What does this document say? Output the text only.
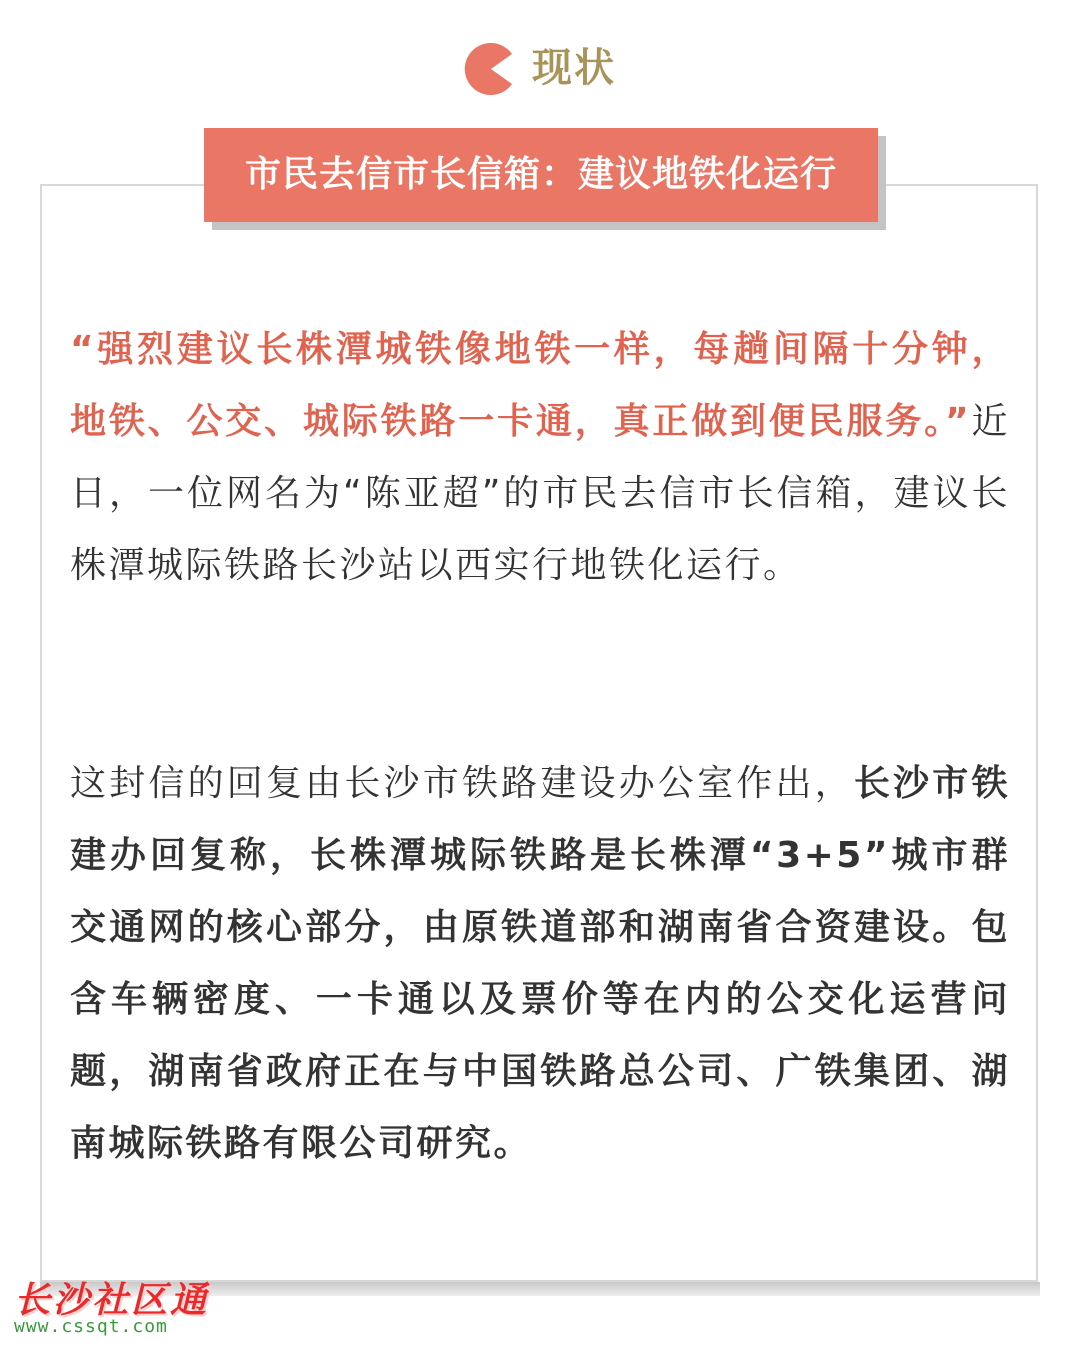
现状
市民去信市长信箱：建议地铁化运行
“强烈建议长株潭城铁像地铁一样，每趟间隔十分钟，地铁、公交、城际铁路一卡通，真正做到便民服务。”近日，一位网名为“陈亚超”的市民去信市长信箱，建议长株潭城际铁路长沙站以西实行地铁化运行。
这封信的回复由长沙市铁路建设办公室作出，长沙市铁建办回复称，长株潭城际铁路是长株潭“3+5”城市群交通网的核心部分，由原铁道部和湖南省合资建设。包含车辆密度、一卡通以及票价等在内的公交化运营问题，湖南省政府正在与中国铁路总公司、广铁集团、湖南城际铁路有限公司研究。
长沙社区通
www.cssqt.com
